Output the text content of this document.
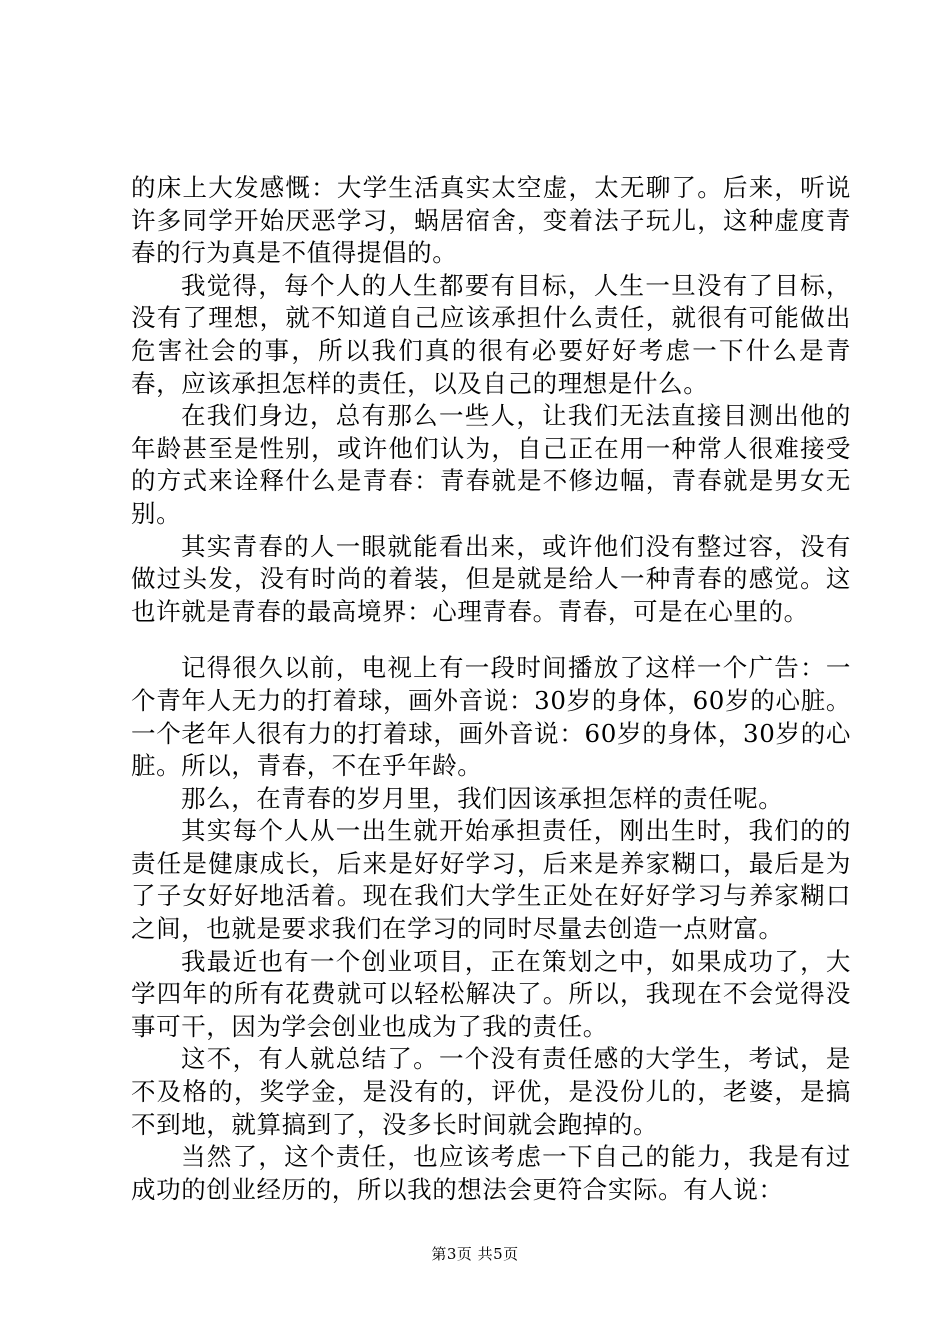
的床上大发感慨：大学生活真实太空虚，太无聊了。后来，听说许多同学开始厌恶学习，蜗居宿舍，变着法子玩儿，这种虚度青春的行为真是不值得提倡的。

我觉得，每个人的人生都要有目标，人生一旦没有了目标，没有了理想，就不知道自己应该承担什么责任，就很有可能做出危害社会的事，所以我们真的很有必要好好考虑一下什么是青春，应该承担怎样的责任，以及自己的理想是什么。

在我们身边，总有那么一些人，让我们无法直接目测出他的年龄甚至是性别，或许他们认为，自己正在用一种常人很难接受的方式来诠释什么是青春：青春就是不修边幅，青春就是男女无别。

其实青春的人一眼就能看出来，或许他们没有整过容，没有做过头发，没有时尚的着装，但是就是给人一种青春的感觉。这也许就是青春的最高境界：心理青春。青春，可是在心里的。

记得很久以前，电视上有一段时间播放了这样一个广告：一个青年人无力的打着球，画外音说：30岁的身体，60岁的心脏。一个老年人很有力的打着球，画外音说：60岁的身体，30岁的心脏。所以，青春，不在乎年龄。

那么，在青春的岁月里，我们因该承担怎样的责任呢。

其实每个人从一出生就开始承担责任，刚出生时，我们的的责任是健康成长，后来是好好学习，后来是养家糊口，最后是为了子女好好地活着。现在我们大学生正处在好好学习与养家糊口之间，也就是要求我们在学习的同时尽量去创造一点财富。

我最近也有一个创业项目，正在策划之中，如果成功了，大学四年的所有花费就可以轻松解决了。所以，我现在不会觉得没事可干，因为学会创业也成为了我的责任。

这不，有人就总结了。一个没有责任感的大学生，考试，是不及格的，奖学金，是没有的，评优，是没份儿的，老婆，是搞不到地，就算搞到了，没多长时间就会跑掉的。

当然了，这个责任，也应该考虑一下自己的能力，我是有过成功的创业经历的，所以我的想法会更符合实际。有人说：

第3页 共5页
